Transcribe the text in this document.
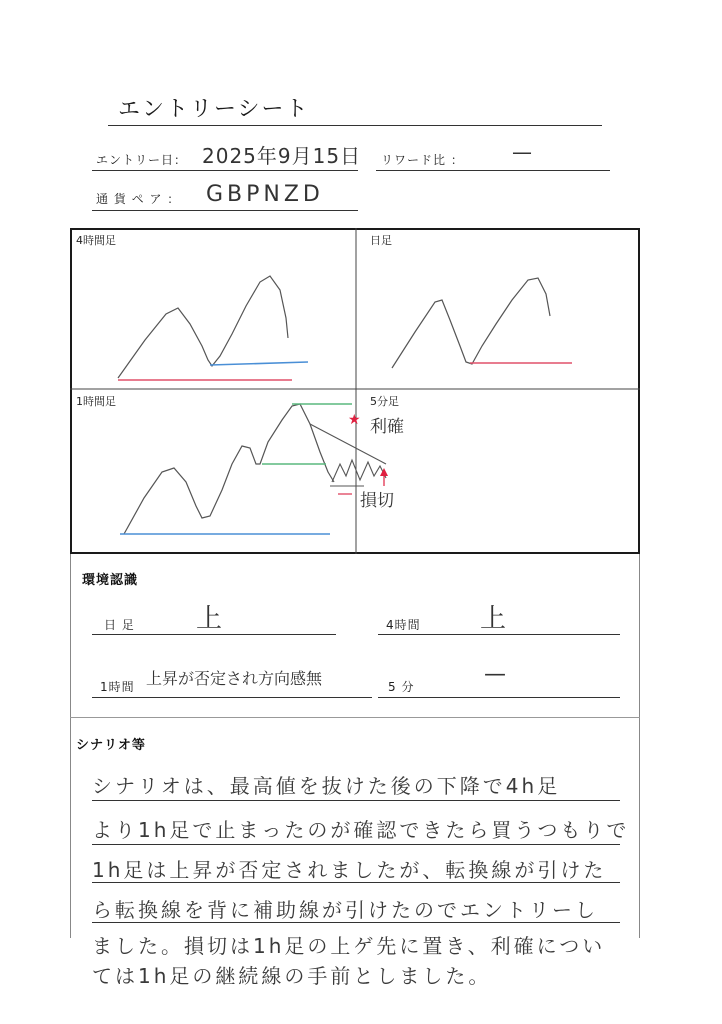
エントリーシート
エントリー日： 2025年9月15日 リワード比 ： —
通 貨 ペ ア ： GBPNZD
★
4時間足	日足
1時間足	5分足
利確
損切
環境認識
日 足 上	4時間 上
1時間 上昇が否定され方向感無	5 分	—
シナリオ等
シナリオは、最高値を抜けた後の下降で4h足
より1h足で止まったのが確認できたら買うつもりで
1h足は上昇が否定されましたが、転換線が引けた
ら転換線を背に補助線が引けたのでエントリーし
ました。損切は1h足の上ゲ先に置き、利確につい
ては1h足の継続線の手前としました。
